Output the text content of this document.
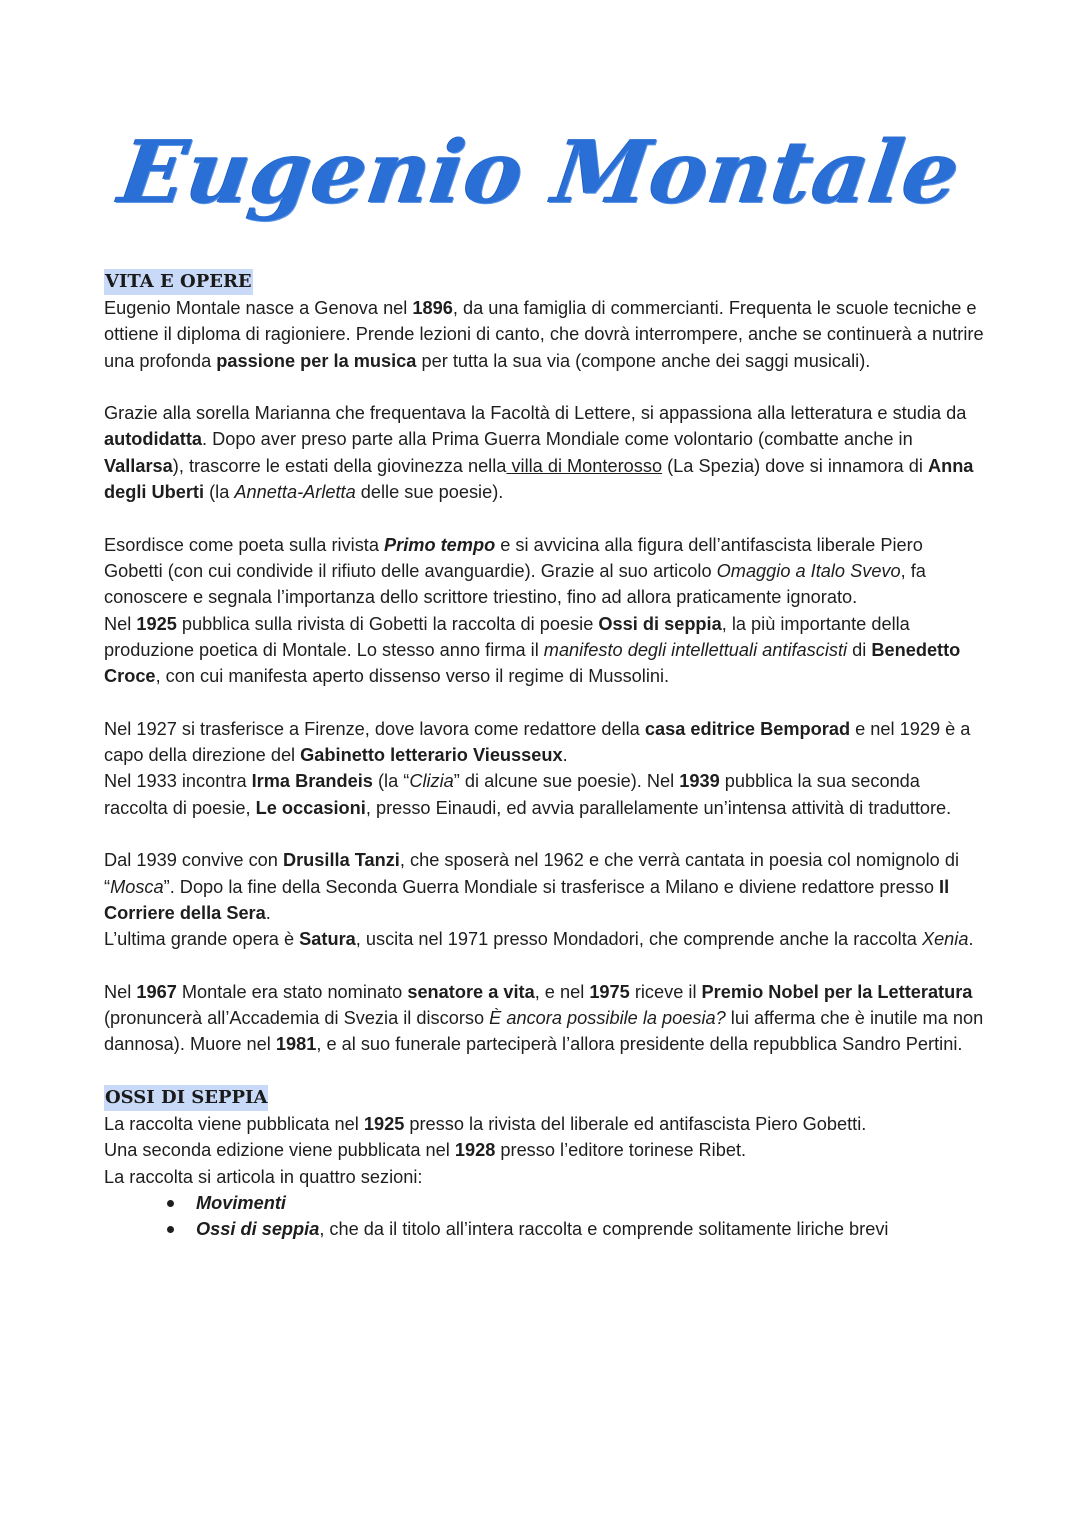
Eugenio Montale
VITA E OPERE

Eugenio Montale nasce a Genova nel 1896, da una famiglia di commercianti. Frequenta le scuole tecniche e ottiene il diploma di ragioniere. Prende lezioni di canto, che dovrà interrompere, anche se continuerà a nutrire una profonda passione per la musica per tutta la sua via (compone anche dei saggi musicali).

Grazie alla sorella Marianna che frequentava la Facoltà di Lettere, si appassiona alla letteratura e studia da autodidatta. Dopo aver preso parte alla Prima Guerra Mondiale come volontario (combatte anche in Vallarsa), trascorre le estati della giovinezza nella villa di Monterosso (La Spezia) dove si innamora di Anna degli Uberti (la Annetta-Arletta delle sue poesie).

Esordisce come poeta sulla rivista Primo tempo e si avvicina alla figura dell’antifascista liberale Piero Gobetti (con cui condivide il rifiuto delle avanguardie). Grazie al suo articolo Omaggio a Italo Svevo, fa conoscere e segnala l’importanza dello scrittore triestino, fino ad allora praticamente ignorato.

Nel 1925 pubblica sulla rivista di Gobetti la raccolta di poesie Ossi di seppia, la più importante della produzione poetica di Montale. Lo stesso anno firma il manifesto degli intellettuali antifascisti di Benedetto Croce, con cui manifesta aperto dissenso verso il regime di Mussolini.

Nel 1927 si trasferisce a Firenze, dove lavora come redattore della casa editrice Bemporad e nel 1929 è a capo della direzione del Gabinetto letterario Vieusseux.

Nel 1933 incontra Irma Brandeis (la “Clizia” di alcune sue poesie). Nel 1939 pubblica la sua seconda raccolta di poesie, Le occasioni, presso Einaudi, ed avvia parallelamente un’intensa attività di traduttore.

Dal 1939 convive con Drusilla Tanzi, che sposerà nel 1962 e che verrà cantata in poesia col nomignolo di “Mosca”. Dopo la fine della Seconda Guerra Mondiale si trasferisce a Milano e diviene redattore presso Il Corriere della Sera.

L’ultima grande opera è Satura, uscita nel 1971 presso Mondadori, che comprende anche la raccolta Xenia.

Nel 1967 Montale era stato nominato senatore a vita, e nel 1975 riceve il Premio Nobel per la Letteratura (pronuncerà all’Accademia di Svezia il discorso È ancora possibile la poesia? lui afferma che è inutile ma non dannosa). Muore nel 1981, e al suo funerale parteciperà l’allora presidente della repubblica Sandro Pertini.

OSSI DI SEPPIA

La raccolta viene pubblicata nel 1925 presso la rivista del liberale ed antifascista Piero Gobetti.

Una seconda edizione viene pubblicata nel 1928 presso l’editore torinese Ribet.

La raccolta si articola in quattro sezioni:

Movimenti
Ossi di seppia, che da il titolo all’intera raccolta e comprende solitamente liriche brevi
